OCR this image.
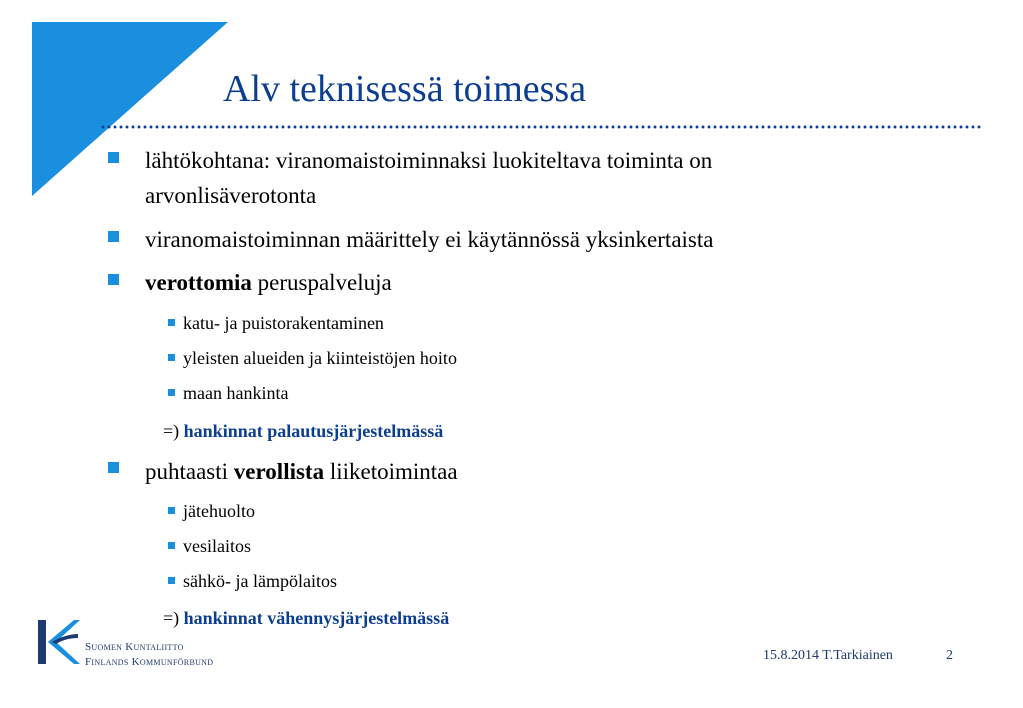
Alv teknisessä toimessa
lähtökohtana: viranomaistoiminnaksi luokiteltava toiminta on
arvonlisäverotonta
viranomaistoiminnan määrittely ei käytännössä yksinkertaista
verottomia peruspalveluja
katu- ja puistorakentaminen
yleisten alueiden ja kiinteistöjen hoito
maan hankinta
=) hankinnat palautusjärjestelmässä
puhtaasti verollista liiketoimintaa
jätehuolto
vesilaitos
sähkö- ja lämpölaitos
=) hankinnat vähennysjärjestelmässä
Suomen Kuntaliitto
Finlands Kommunförbund	15.8.2014 T.Tarkiainen	2
